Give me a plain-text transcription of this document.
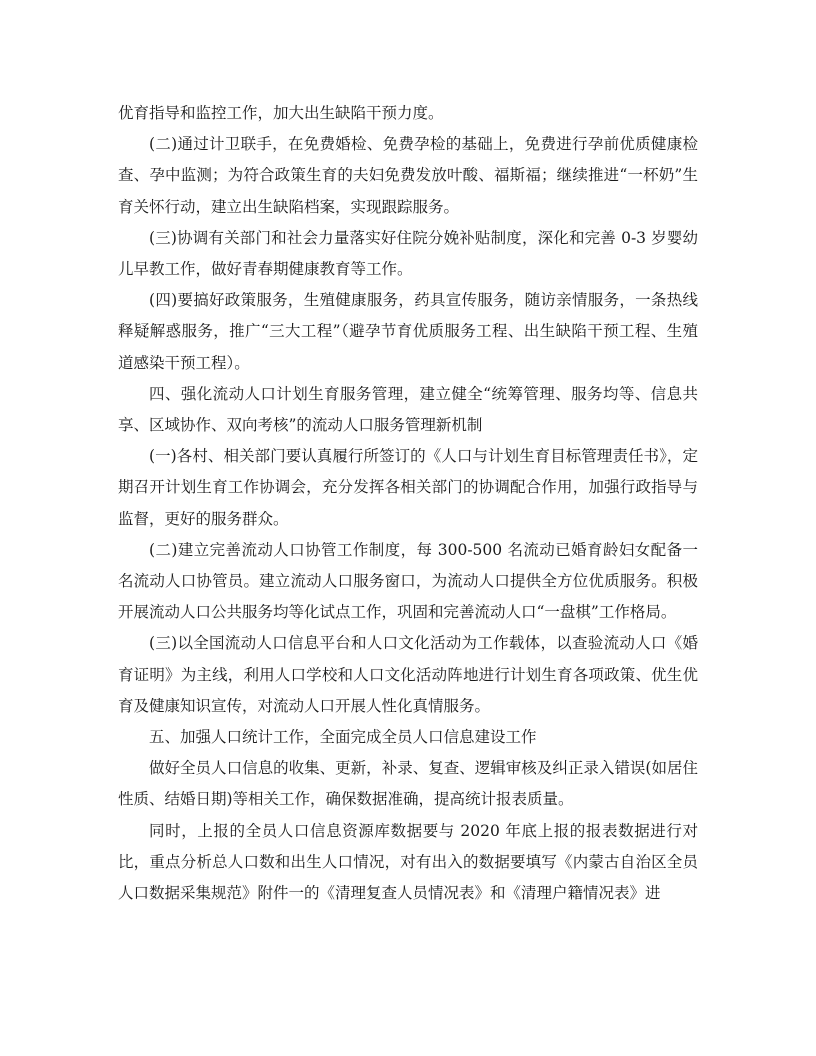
优育指导和监控工作，加大出生缺陷干预力度。

(二)通过计卫联手，在免费婚检、免费孕检的基础上，免费进行孕前优质健康检查、孕中监测；为符合政策生育的夫妇免费发放叶酸、福斯福；继续推进“一杯奶”生育关怀行动，建立出生缺陷档案，实现跟踪服务。

(三)协调有关部门和社会力量落实好住院分娩补贴制度，深化和完善 0-3 岁婴幼儿早教工作，做好青春期健康教育等工作。

(四)要搞好政策服务，生殖健康服务，药具宣传服务，随访亲情服务，一条热线释疑解惑服务，推广“三大工程”（避孕节育优质服务工程、出生缺陷干预工程、生殖道感染干预工程）。

四、强化流动人口计划生育服务管理，建立健全“统筹管理、服务均等、信息共享、区域协作、双向考核”的流动人口服务管理新机制

(一)各村、相关部门要认真履行所签订的《人口与计划生育目标管理责任书》，定期召开计划生育工作协调会，充分发挥各相关部门的协调配合作用，加强行政指导与监督，更好的服务群众。

(二)建立完善流动人口协管工作制度，每 300-500 名流动已婚育龄妇女配备一名流动人口协管员。建立流动人口服务窗口，为流动人口提供全方位优质服务。积极开展流动人口公共服务均等化试点工作，巩固和完善流动人口“一盘棋”工作格局。

(三)以全国流动人口信息平台和人口文化活动为工作载体，以查验流动人口《婚育证明》为主线，利用人口学校和人口文化活动阵地进行计划生育各项政策、优生优育及健康知识宣传，对流动人口开展人性化真情服务。

五、加强人口统计工作，全面完成全员人口信息建设工作

做好全员人口信息的收集、更新，补录、复查、逻辑审核及纠正录入错误(如居住性质、结婚日期)等相关工作，确保数据准确，提高统计报表质量。

同时，上报的全员人口信息资源库数据要与 2020 年底上报的报表数据进行对比，重点分析总人口数和出生人口情况，对有出入的数据要填写《内蒙古自治区全员人口数据采集规范》附件一的《清理复查人员情况表》和《清理户籍情况表》进
